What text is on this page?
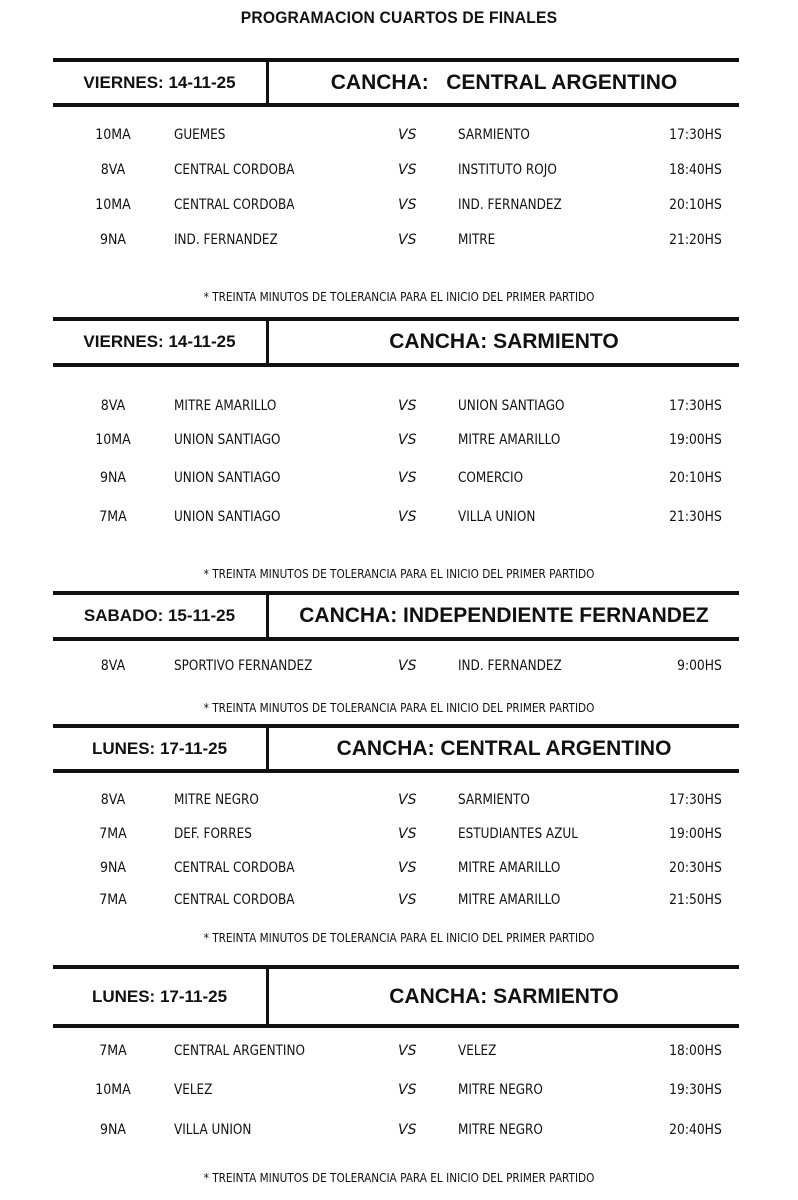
PROGRAMACION CUARTOS DE FINALES
VIERNES: 14-11-25	CANCHA:   CENTRAL ARGENTINO
10MA	GUEMES	VS	SARMIENTO	17:30HS
8VA	CENTRAL CORDOBA	VS	INSTITUTO ROJO	18:40HS
10MA	CENTRAL CORDOBA	VS	IND. FERNANDEZ	20:10HS
9NA	IND. FERNANDEZ	VS	MITRE	21:20HS
* TREINTA MINUTOS DE TOLERANCIA PARA EL INICIO DEL PRIMER PARTIDO
VIERNES: 14-11-25	CANCHA: SARMIENTO
8VA	MITRE AMARILLO	VS	UNION SANTIAGO	17:30HS
10MA	UNION SANTIAGO	VS	MITRE AMARILLO	19:00HS
9NA	UNION SANTIAGO	VS	COMERCIO	20:10HS
7MA	UNION SANTIAGO	VS	VILLA UNION	21:30HS
* TREINTA MINUTOS DE TOLERANCIA PARA EL INICIO DEL PRIMER PARTIDO
SABADO: 15-11-25	CANCHA: INDEPENDIENTE FERNANDEZ
8VA	SPORTIVO FERNANDEZ	VS	IND. FERNANDEZ	9:00HS
* TREINTA MINUTOS DE TOLERANCIA PARA EL INICIO DEL PRIMER PARTIDO
LUNES: 17-11-25	CANCHA: CENTRAL ARGENTINO
8VA	MITRE NEGRO	VS	SARMIENTO	17:30HS
7MA	DEF. FORRES	VS	ESTUDIANTES AZUL	19:00HS
9NA	CENTRAL CORDOBA	VS	MITRE AMARILLO	20:30HS
7MA	CENTRAL CORDOBA	VS	MITRE AMARILLO	21:50HS
* TREINTA MINUTOS DE TOLERANCIA PARA EL INICIO DEL PRIMER PARTIDO
LUNES: 17-11-25	CANCHA: SARMIENTO
7MA	CENTRAL ARGENTINO	VS	VELEZ	18:00HS
10MA	VELEZ	VS	MITRE NEGRO	19:30HS
9NA	VILLA UNION	VS	MITRE NEGRO	20:40HS
* TREINTA MINUTOS DE TOLERANCIA PARA EL INICIO DEL PRIMER PARTIDO
